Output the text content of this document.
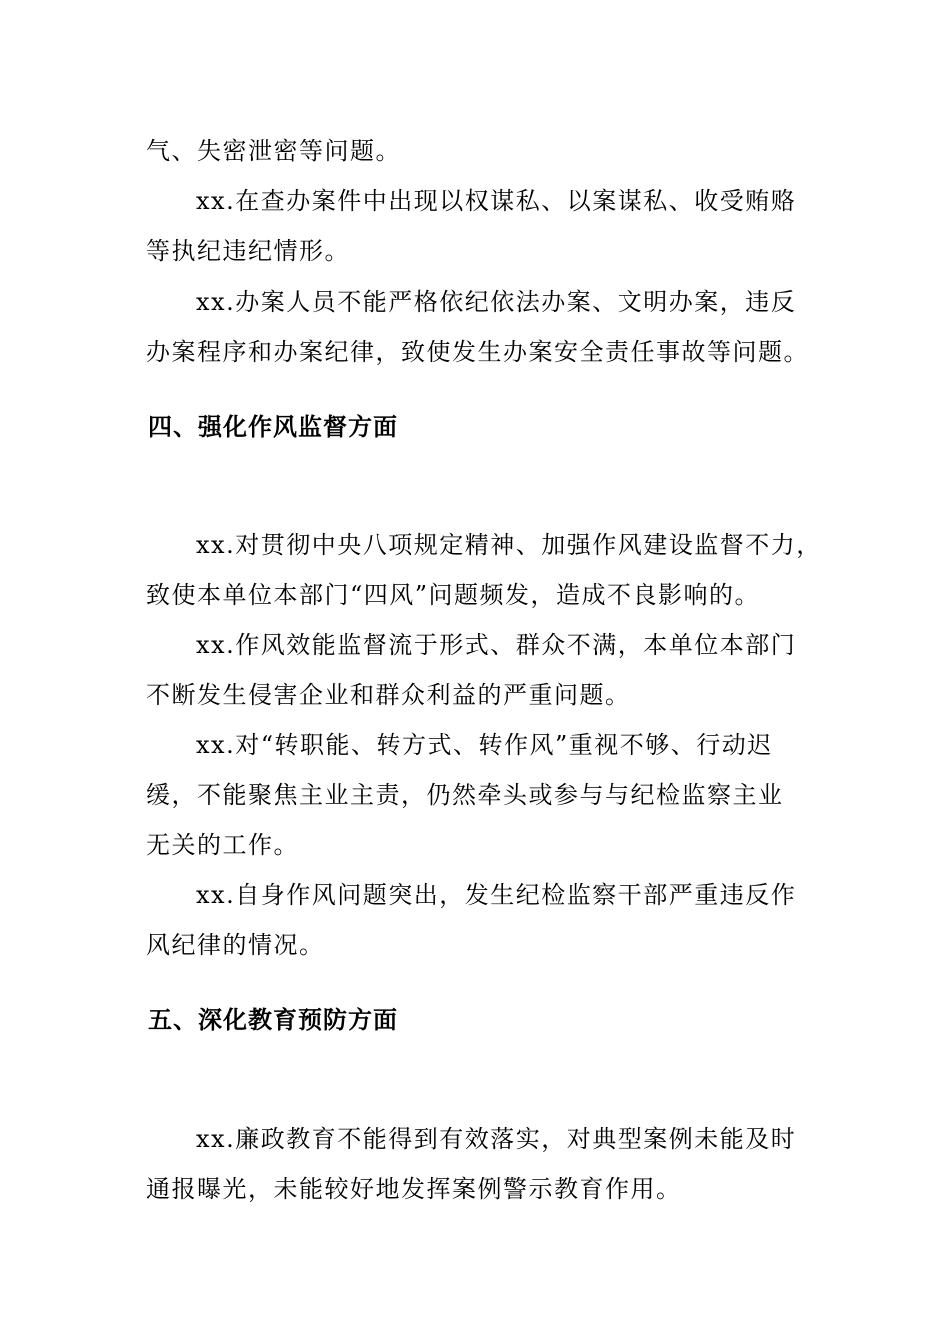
气、失密泄密等问题。
xx.在查办案件中出现以权谋私、以案谋私、收受贿赂
等执纪违纪情形。
xx.办案人员不能严格依纪依法办案、文明办案，违反
办案程序和办案纪律，致使发生办案安全责任事故等问题。
四、强化作风监督方面
xx.对贯彻中央八项规定精神、加强作风建设监督不力，
致使本单位本部门“四风”问题频发，造成不良影响的。
xx.作风效能监督流于形式、群众不满，本单位本部门
不断发生侵害企业和群众利益的严重问题。
xx.对“转职能、转方式、转作风”重视不够、行动迟
缓，不能聚焦主业主责，仍然牵头或参与与纪检监察主业
无关的工作。
xx.自身作风问题突出，发生纪检监察干部严重违反作
风纪律的情况。
五、深化教育预防方面
xx.廉政教育不能得到有效落实，对典型案例未能及时
通报曝光，未能较好地发挥案例警示教育作用。
